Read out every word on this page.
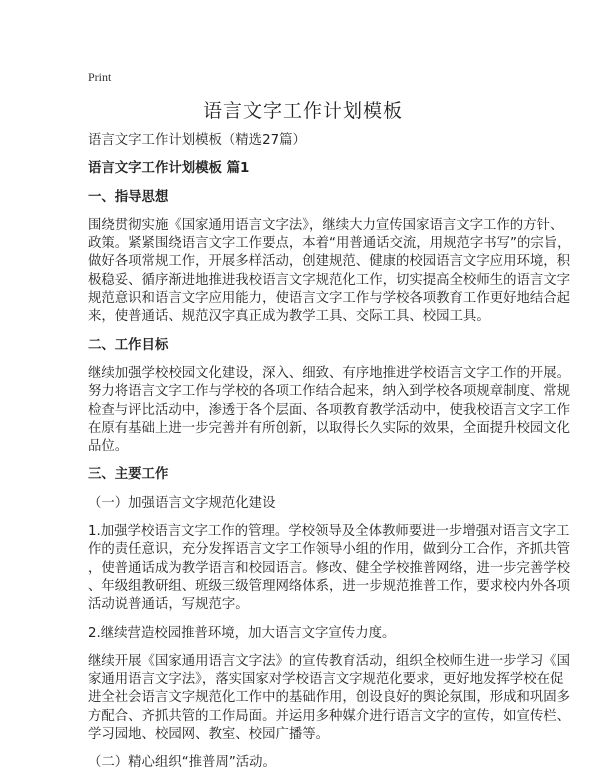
Print
语言文字工作计划模板

语言文字工作计划模板（精选27篇）

语言文字工作计划模板 篇1

一、指导思想

围绕贯彻实施《国家通用语言文字法》，继续大力宣传国家语言文字工作的方针、
政策。紧紧围绕语言文字工作要点，本着“用普通话交流，用规范字书写”的宗旨，
做好各项常规工作，开展多样活动，创建规范、健康的校园语言文字应用环境，积
极稳妥、循序渐进地推进我校语言文字规范化工作，切实提高全校师生的语言文字
规范意识和语言文字应用能力，使语言文字工作与学校各项教育工作更好地结合起
来，使普通话、规范汉字真正成为教学工具、交际工具、校园工具。

二、工作目标

继续加强学校校园文化建设，深入、细致、有序地推进学校语言文字工作的开展。
努力将语言文字工作与学校的各项工作结合起来，纳入到学校各项规章制度、常规
检查与评比活动中，渗透于各个层面、各项教育教学活动中，使我校语言文字工作
在原有基础上进一步完善并有所创新，以取得长久实际的效果，全面提升校园文化
品位。

三、主要工作

（一）加强语言文字规范化建设

1.加强学校语言文字工作的管理。学校领导及全体教师要进一步增强对语言文字工
作的责任意识，充分发挥语言文字工作领导小组的作用，做到分工合作，齐抓共管
，使普通话成为教学语言和校园语言。修改、健全学校推普网络，进一步完善学校
、年级组教研组、班级三级管理网络体系，进一步规范推普工作，要求校内外各项
活动说普通话，写规范字。

2.继续营造校园推普环境，加大语言文字宣传力度。

继续开展《国家通用语言文字法》的宣传教育活动，组织全校师生进一步学习《国
家通用语言文字法》，落实国家对学校语言文字规范化要求，更好地发挥学校在促
进全社会语言文字规范化工作中的基础作用，创设良好的舆论氛围，形成和巩固多
方配合、齐抓共管的工作局面。并运用多种媒介进行语言文字的宣传，如宣传栏、
学习园地、校园网、教室、校园广播等。

（二）精心组织“推普周”活动。
